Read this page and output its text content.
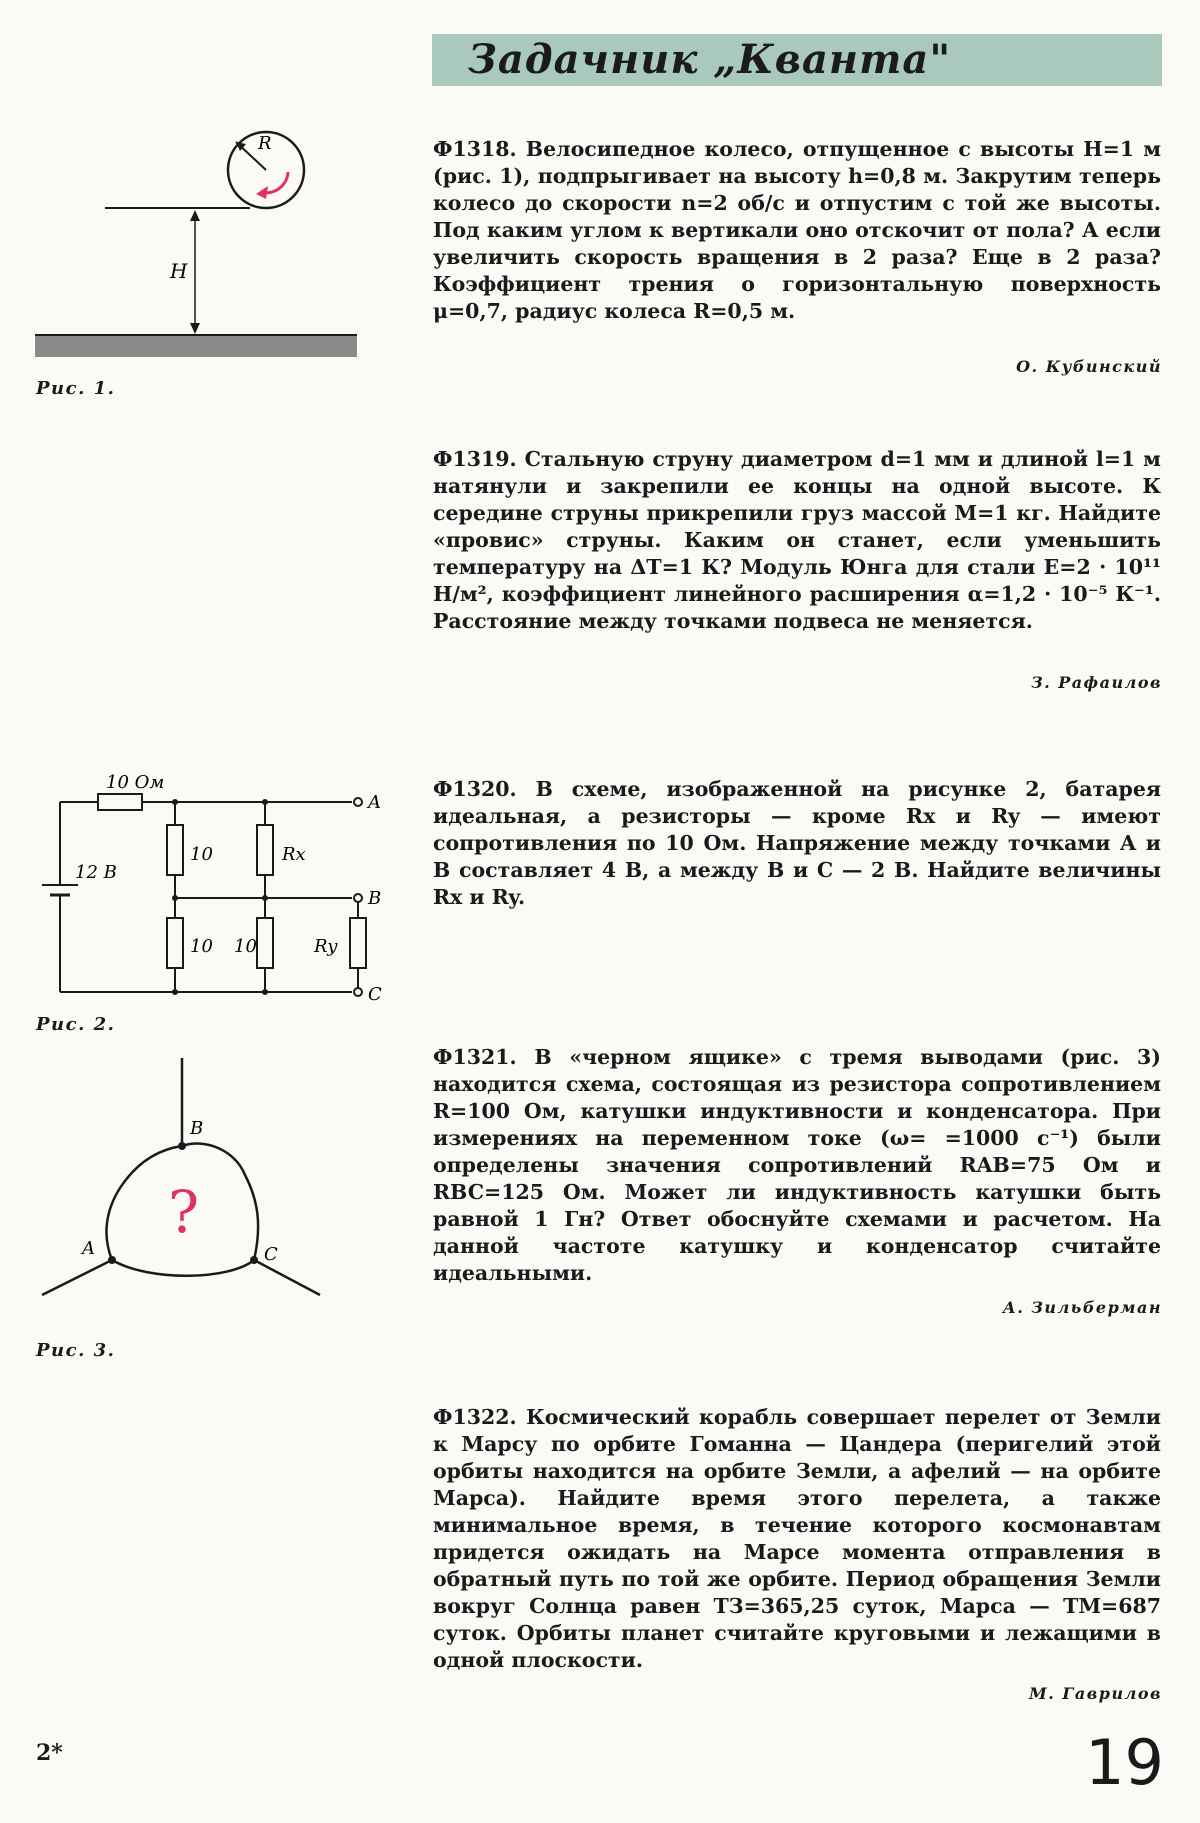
Задачник „Кванта"
R
H
Рис. 1.
Ф1318. Велосипедное колесо, отпущенное с высоты H=1 м (рис. 1), подпрыгивает на высоту h=0,8 м. Закрутим теперь колесо до скорости n=2 об/с и отпустим с той же высоты. Под каким углом к вертикали оно отскочит от пола? А если увеличить скорость вращения в 2 раза? Еще в 2 раза? Коэффициент трения о горизонтальную поверхность μ=0,7, радиус колеса R=0,5 м.
О. Кубинский
Ф1319. Стальную струну диаметром d=1 мм и длиной l=1 м натянули и закрепили ее концы на одной высоте. К середине струны прикрепили груз массой M=1 кг. Найдите «провис» струны. Каким он станет, если уменьшить температуру на ΔT=1 К? Модуль Юнга для стали E=2 · 10¹¹ Н/м², коэффициент линейного расширения α=1,2 · 10⁻⁵ К⁻¹. Расстояние между точками подвеса не меняется.
З. Рафаилов
10 Ом
12 В
10	Rx
10 10	Ry
A
B
C
Рис. 2.
Ф1320. В схеме, изображенной на рисунке 2, батарея идеальная, а резисторы — кроме Rx и Ry — имеют сопротивления по 10 Ом. Напряжение между точками A и B составляет 4 В, а между B и C — 2 В. Найдите величины Rx и Ry.
?
B
A	C
Рис. 3.
Ф1321. В «черном ящике» с тремя выводами (рис. 3) находится схема, состоящая из резистора сопротивлением R=100 Ом, катушки индуктивности и конденсатора. При измерениях на переменном токе (ω= =1000 с⁻¹) были определены значения сопротивлений RAB=75 Ом и RBC=125 Ом. Может ли индуктивность катушки быть равной 1 Гн? Ответ обоснуйте схемами и расчетом. На данной частоте катушку и конденсатор считайте идеальными.
А. Зильберман
Ф1322. Космический корабль совершает перелет от Земли к Марсу по орбите Гоманна — Цандера (перигелий этой орбиты находится на орбите Земли, а афелий — на орбите Марса). Найдите время этого перелета, а также минимальное время, в течение которого космонавтам придется ожидать на Марсе момента отправления в обратный путь по той же орбите. Период обращения Земли вокруг Солнца равен TЗ=365,25 суток, Марса — TM=687 суток. Орбиты планет считайте круговыми и лежащими в одной плоскости.
М. Гаврилов
2*	19
